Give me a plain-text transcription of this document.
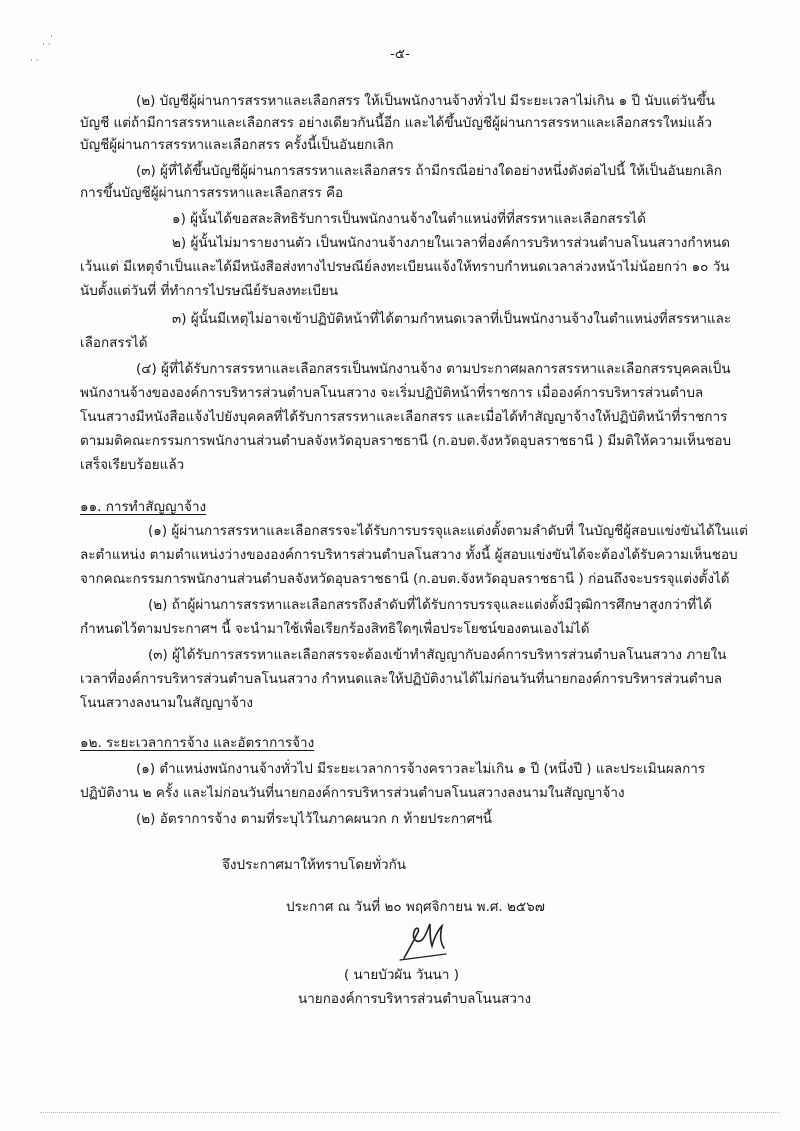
·
· ·
· ·	-๕-
(๒) บัญชีผู้ผ่านการสรรหาและเลือกสรร ให้เป็นพนักงานจ้างทั่วไป มีระยะเวลาไม่เกิน ๑ ปี นับแต่วันขึ้น
บัญชี แต่ถ้ามีการสรรหาและเลือกสรร อย่างเดียวกันนี้อีก และได้ขึ้นบัญชีผู้ผ่านการสรรหาและเลือกสรรใหม่แล้ว
บัญชีผู้ผ่านการสรรหาและเลือกสรร ครั้งนี้เป็นอันยกเลิก
(๓) ผู้ที่ได้ขึ้นบัญชีผู้ผ่านการสรรหาและเลือกสรร ถ้ามีกรณีอย่างใดอย่างหนึ่งดังต่อไปนี้ ให้เป็นอันยกเลิก
การขึ้นบัญชีผู้ผ่านการสรรหาและเลือกสรร คือ
๑) ผู้นั้นได้ขอสละสิทธิรับการเป็นพนักงานจ้างในตำแหน่งที่ที่สรรหาและเลือกสรรได้
๒) ผู้นั้นไม่มารายงานตัว เป็นพนักงานจ้างภายในเวลาที่องค์การบริหารส่วนตำบลโนนสวางกำหนด
เว้นแต่ มีเหตุจำเป็นและได้มีหนังสือส่งทางไปรษณีย์ลงทะเบียนแจ้งให้ทราบกำหนดเวลาล่วงหน้าไม่น้อยกว่า ๑๐ วัน
นับตั้งแต่วันที่ ที่ทำการไปรษณีย์รับลงทะเบียน
๓) ผู้นั้นมีเหตุไม่อาจเข้าปฏิบัติหน้าที่ได้ตามกำหนดเวลาที่เป็นพนักงานจ้างในตำแหน่งที่สรรหาและ
เลือกสรรได้
(๔) ผู้ที่ได้รับการสรรหาและเลือกสรรเป็นพนักงานจ้าง ตามประกาศผลการสรรหาและเลือกสรรบุคคลเป็น
พนักงานจ้างขององค์การบริหารส่วนตำบลโนนสวาง จะเริ่มปฏิบัติหน้าที่ราชการ เมื่อองค์การบริหารส่วนตำบล
โนนสวางมีหนังสือแจ้งไปยังบุคคลที่ได้รับการสรรหาและเลือกสรร และเมื่อได้ทำสัญญาจ้างให้ปฏิบัติหน้าที่ราชการ
ตามมติคณะกรรมการพนักงานส่วนตำบลจังหวัดอุบลราชธานี (ก.อบต.จังหวัดอุบลราชธานี ) มีมติให้ความเห็นชอบ
เสร็จเรียบร้อยแล้ว
๑๑. การทำสัญญาจ้าง
(๑) ผู้ผ่านการสรรหาและเลือกสรรจะได้รับการบรรจุและแต่งตั้งตามลำดับที่ ในบัญชีผู้สอบแข่งขันได้ในแต่
ละตำแหน่ง ตามตำแหน่งว่างขององค์การบริหารส่วนตำบลโนสวาง ทั้งนี้ ผู้สอบแข่งขันได้จะต้องได้รับความเห็นชอบ
จากคณะกรรมการพนักงานส่วนตำบลจังหวัดอุบลราชธานี (ก.อบต.จังหวัดอุบลราชธานี ) ก่อนถึงจะบรรจุแต่งตั้งได้
(๒) ถ้าผู้ผ่านการสรรหาและเลือกสรรถึงลำดับที่ได้รับการบรรจุและแต่งตั้งมีวุฒิการศึกษาสูงกว่าที่ได้
กำหนดไว้ตามประกาศฯ นี้ จะนำมาใช้เพื่อเรียกร้องสิทธิใดๆเพื่อประโยชน์ของตนเองไม่ได้
(๓) ผู้ได้รับการสรรหาและเลือกสรรจะต้องเข้าทำสัญญากับองค์การบริหารส่วนตำบลโนนสวาง ภายใน
เวลาที่องค์การบริหารส่วนตำบลโนนสวาง กำหนดและให้ปฏิบัติงานได้ไม่ก่อนวันที่นายกองค์การบริหารส่วนตำบล
โนนสวางลงนามในสัญญาจ้าง
๑๒. ระยะเวลาการจ้าง และอัตราการจ้าง
(๑) ตำแหน่งพนักงานจ้างทั่วไป มีระยะเวลาการจ้างคราวละไม่เกิน ๑ ปี (หนึ่งปี ) และประเมินผลการ
ปฏิบัติงาน ๒ ครั้ง และไม่ก่อนวันที่นายกองค์การบริหารส่วนตำบลโนนสวางลงนามในสัญญาจ้าง
(๒) อัตราการจ้าง ตามที่ระบุไว้ในภาคผนวก ก ท้ายประกาศฯนี้
จึงประกาศมาให้ทราบโดยทั่วกัน
ประกาศ ณ วันที่ ๒๐ พฤศจิกายน พ.ศ. ๒๕๖๗
( นายบัวผัน วันนา )
นายกองค์การบริหารส่วนตำบลโนนสวาง
